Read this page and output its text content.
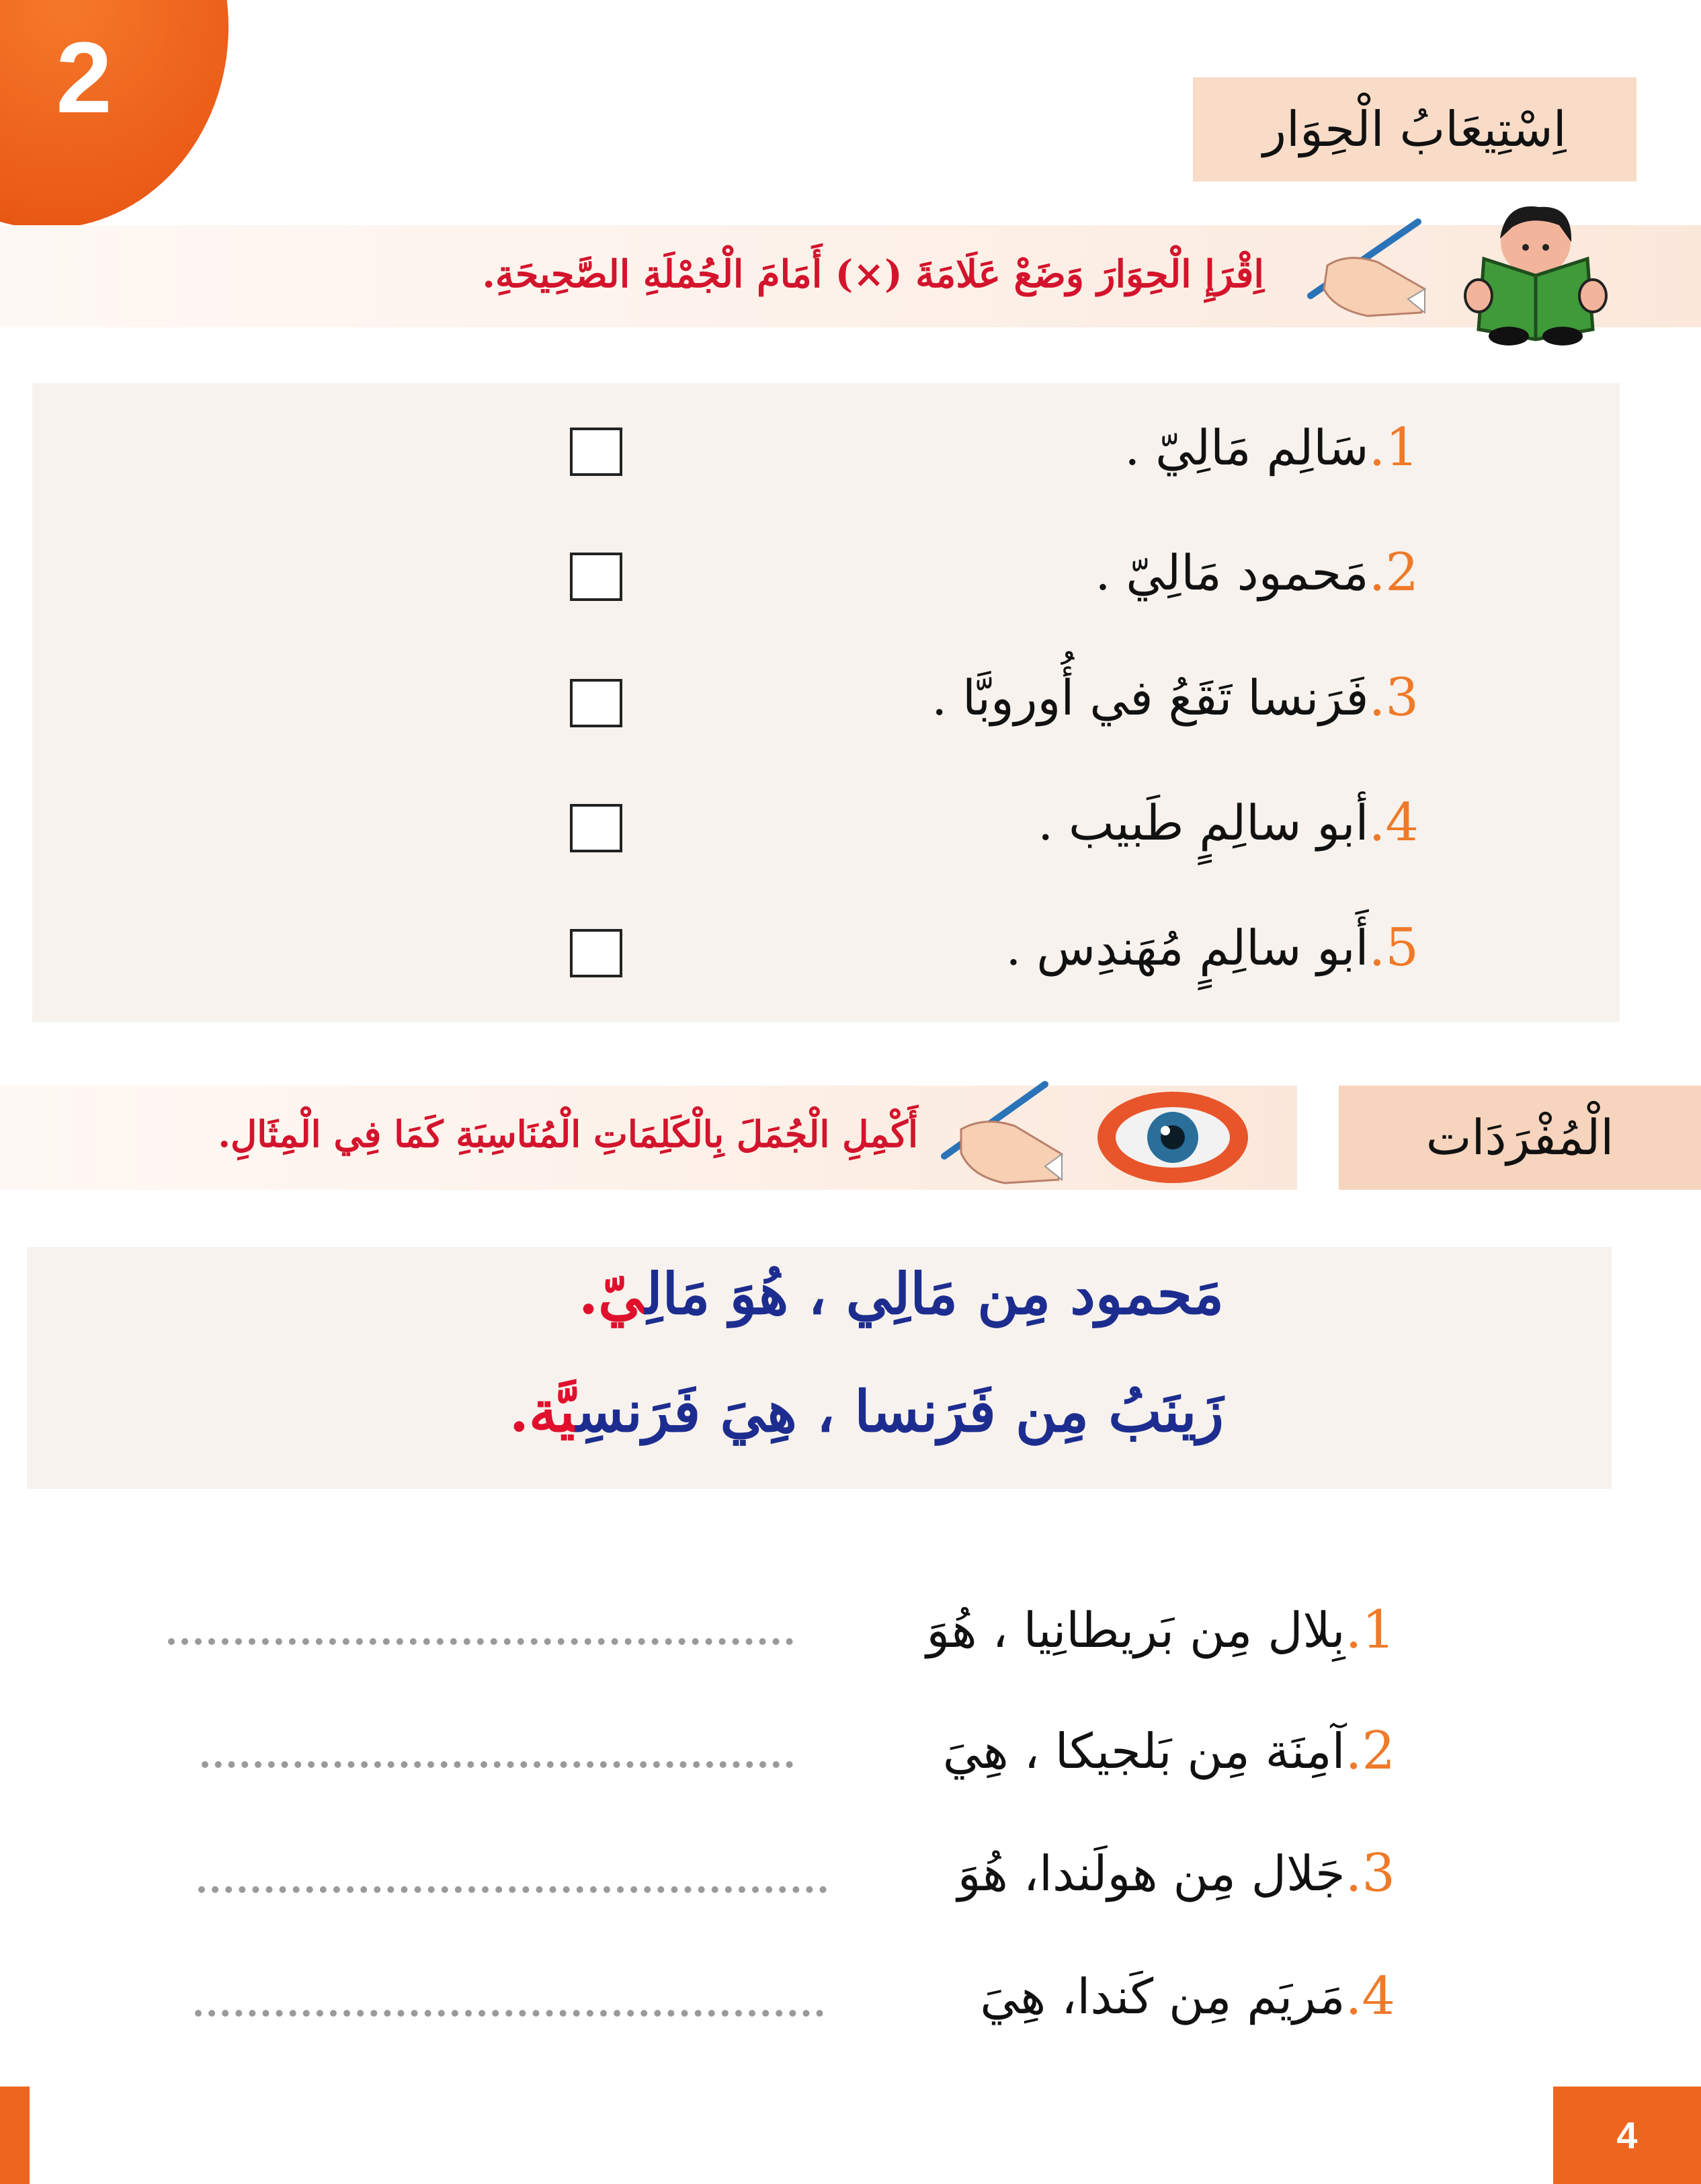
2	اِسْتِيعَابُ الْحِوَار
اِقْرَإِ الْحِوَارَ وَضَعْ عَلَامَةَ (×) أَمَامَ الْجُمْلَةِ الصَّحِيحَةِ.
1.
سَالِم مَالِيّ .
2.
مَحمود مَالِيّ .
3.
فَرَنسا تَقَعُ في أُوروبَّا .
4.
أبو سالِمٍ طَبيب .
5.
أَبو سالِمٍ مُهَندِس .
الْمُفْرَدَات
أَكْمِلِ الْجُمَلَ بِالْكَلِمَاتِ الْمُنَاسِبَةِ كَمَا فِي الْمِثَالِ.
مَحمود مِن مَالِي ، هُوَ مَالِيّ.
زَينَبُ مِن فَرَنسا ، هِيَ فَرَنسِيَّة.
1.
بِلال مِن بَريطانِيا ، هُوَ
2.
آمِنَة مِن بَلجيكا ، هِيَ
3.
جَلال مِن هولَندا، هُوَ
4.
مَريَم مِن كَندا، هِيَ
4
